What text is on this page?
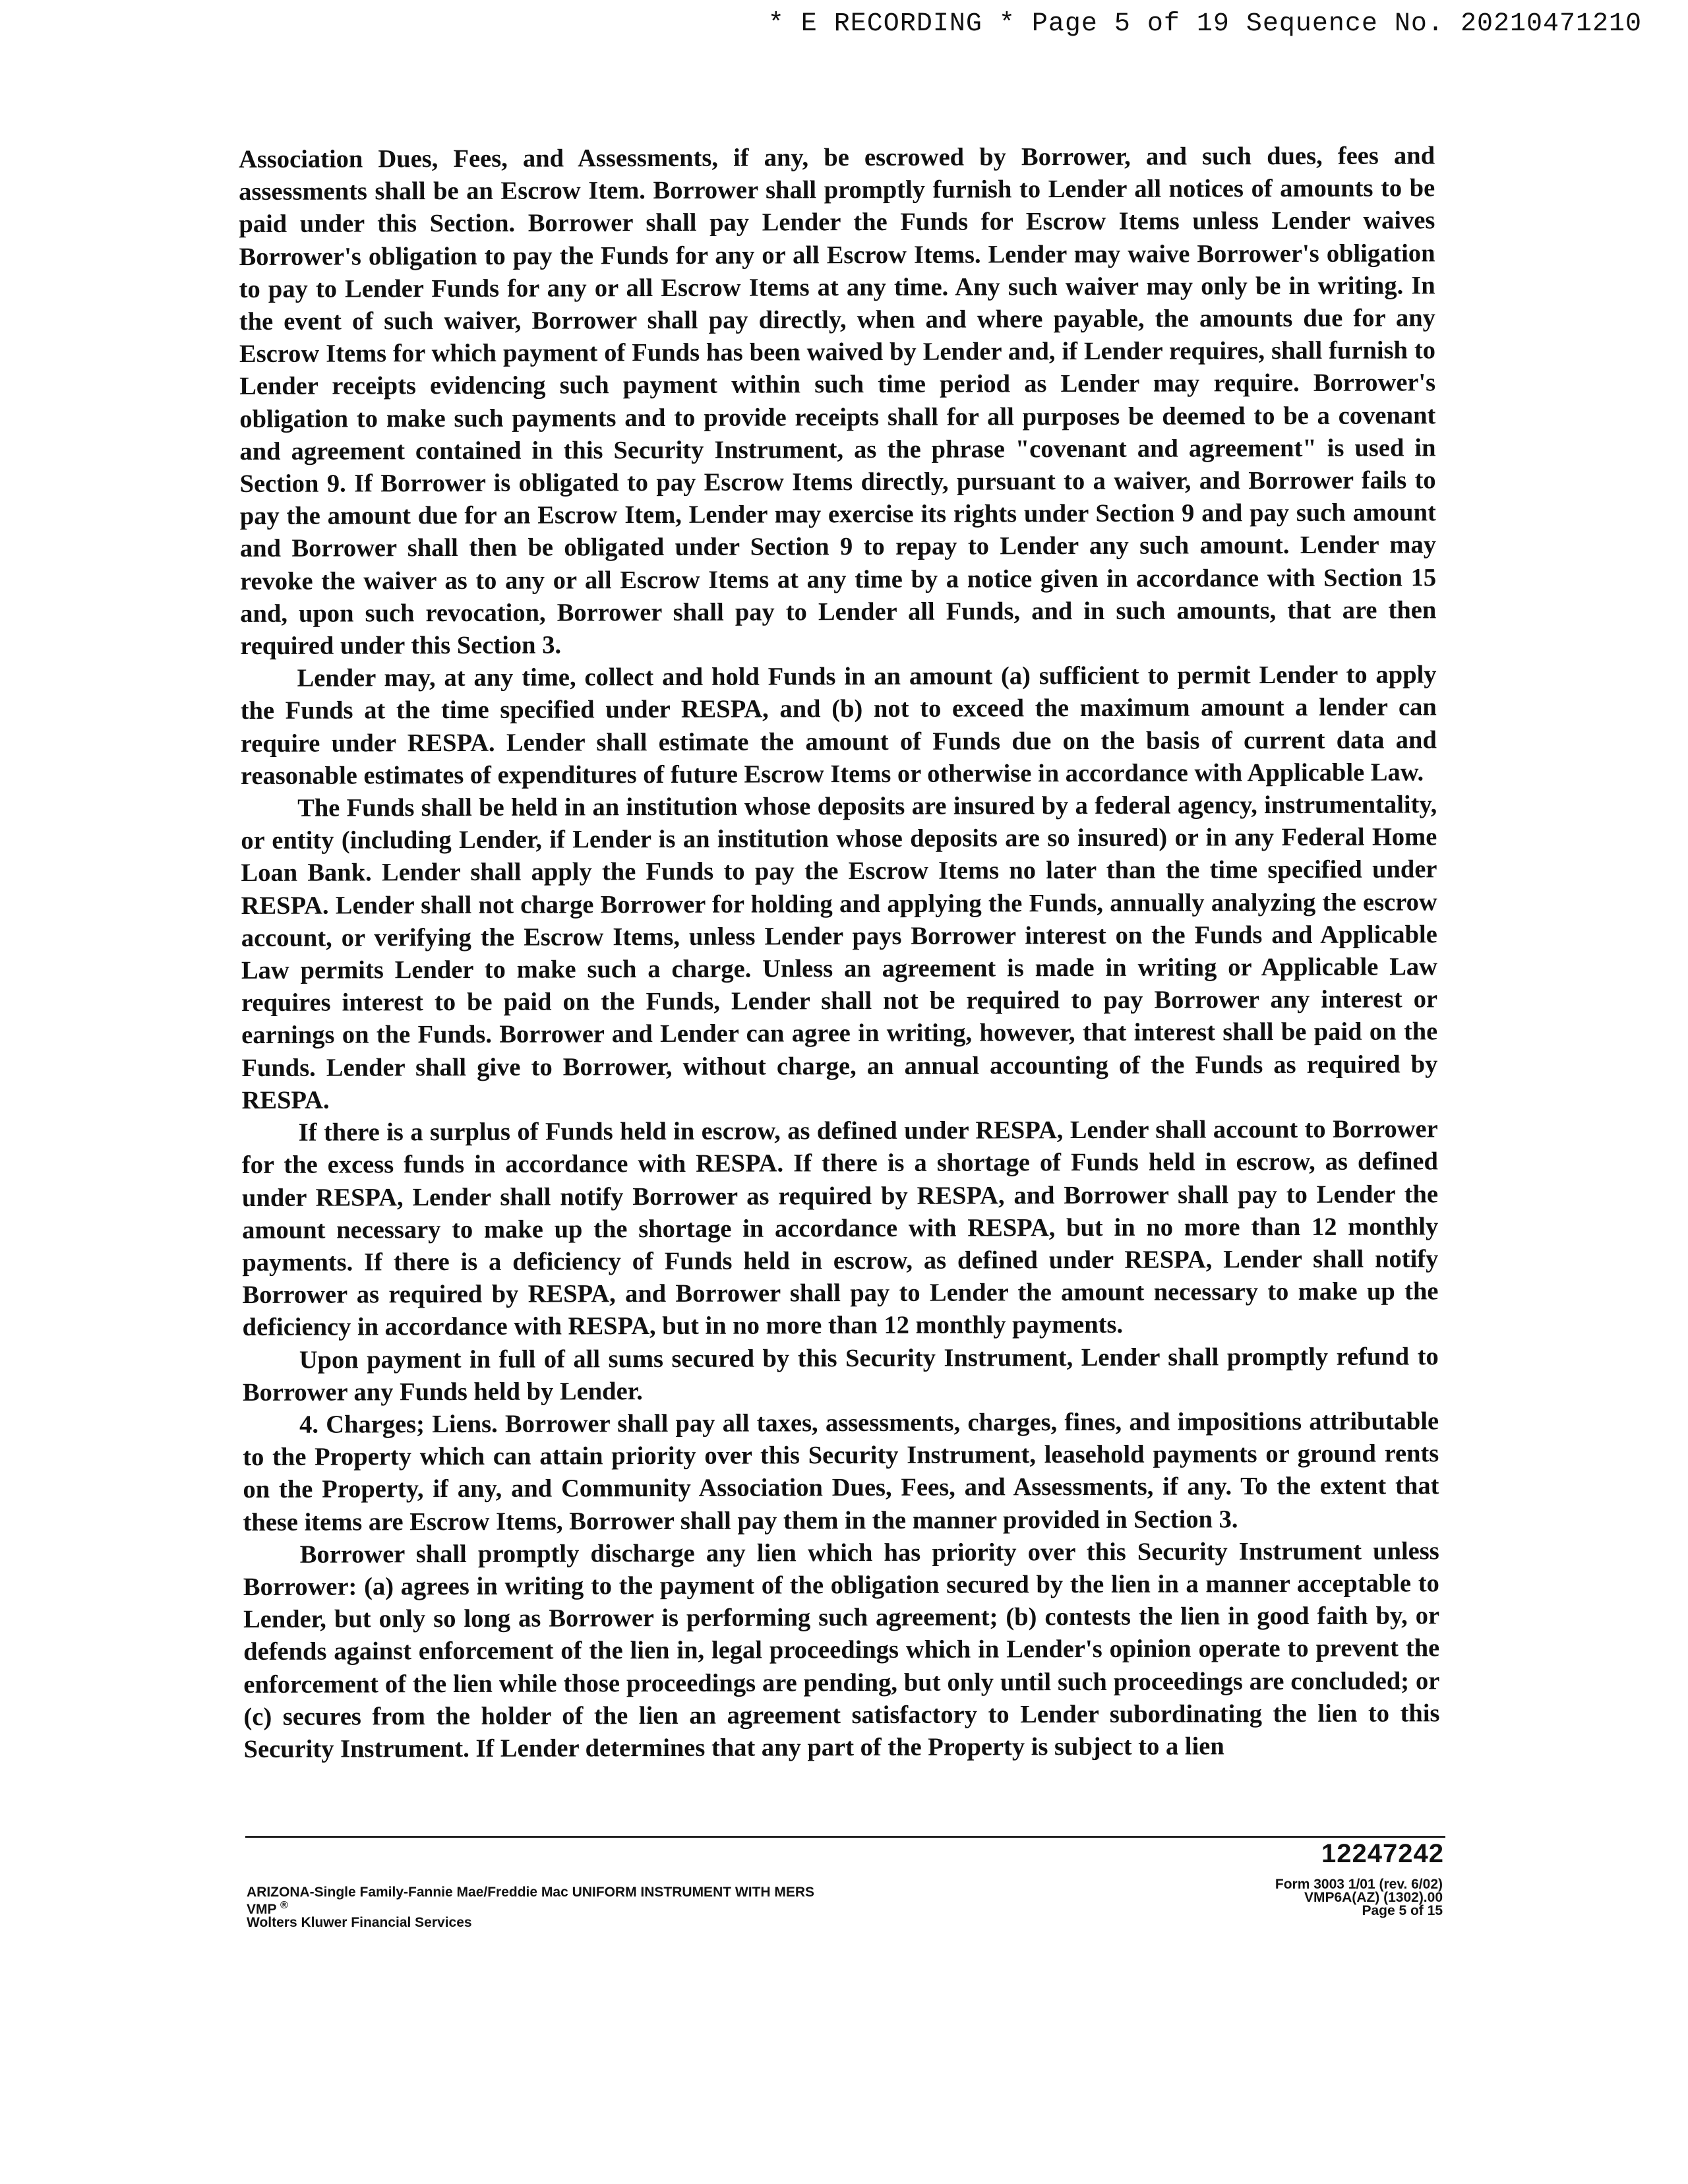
* E RECORDING * Page 5 of 19 Sequence No. 20210471210

Association Dues, Fees, and Assessments, if any, be escrowed by Borrower, and such dues, fees and assessments shall be an Escrow Item. Borrower shall promptly furnish to Lender all notices of amounts to be paid under this Section. Borrower shall pay Lender the Funds for Escrow Items unless Lender waives Borrower's obligation to pay the Funds for any or all Escrow Items. Lender may waive Borrower's obligation to pay to Lender Funds for any or all Escrow Items at any time. Any such waiver may only be in writing. In the event of such waiver, Borrower shall pay directly, when and where payable, the amounts due for any Escrow Items for which payment of Funds has been waived by Lender and, if Lender requires, shall furnish to Lender receipts evidencing such payment within such time period as Lender may require. Borrower's obligation to make such payments and to provide receipts shall for all purposes be deemed to be a covenant and agreement contained in this Security Instrument, as the phrase "covenant and agreement" is used in Section 9. If Borrower is obligated to pay Escrow Items directly, pursuant to a waiver, and Borrower fails to pay the amount due for an Escrow Item, Lender may exercise its rights under Section 9 and pay such amount and Borrower shall then be obligated under Section 9 to repay to Lender any such amount. Lender may revoke the waiver as to any or all Escrow Items at any time by a notice given in accordance with Section 15 and, upon such revocation, Borrower shall pay to Lender all Funds, and in such amounts, that are then required under this Section 3.

Lender may, at any time, collect and hold Funds in an amount (a) sufficient to permit Lender to apply the Funds at the time specified under RESPA, and (b) not to exceed the maximum amount a lender can require under RESPA. Lender shall estimate the amount of Funds due on the basis of current data and reasonable estimates of expenditures of future Escrow Items or otherwise in accordance with Applicable Law.

The Funds shall be held in an institution whose deposits are insured by a federal agency, instrumentality, or entity (including Lender, if Lender is an institution whose deposits are so insured) or in any Federal Home Loan Bank. Lender shall apply the Funds to pay the Escrow Items no later than the time specified under RESPA. Lender shall not charge Borrower for holding and applying the Funds, annually analyzing the escrow account, or verifying the Escrow Items, unless Lender pays Borrower interest on the Funds and Applicable Law permits Lender to make such a charge. Unless an agreement is made in writing or Applicable Law requires interest to be paid on the Funds, Lender shall not be required to pay Borrower any interest or earnings on the Funds. Borrower and Lender can agree in writing, however, that interest shall be paid on the Funds. Lender shall give to Borrower, without charge, an annual accounting of the Funds as required by RESPA.

If there is a surplus of Funds held in escrow, as defined under RESPA, Lender shall account to Borrower for the excess funds in accordance with RESPA. If there is a shortage of Funds held in escrow, as defined under RESPA, Lender shall notify Borrower as required by RESPA, and Borrower shall pay to Lender the amount necessary to make up the shortage in accordance with RESPA, but in no more than 12 monthly payments. If there is a deficiency of Funds held in escrow, as defined under RESPA, Lender shall notify Borrower as required by RESPA, and Borrower shall pay to Lender the amount necessary to make up the deficiency in accordance with RESPA, but in no more than 12 monthly payments.

Upon payment in full of all sums secured by this Security Instrument, Lender shall promptly refund to Borrower any Funds held by Lender.

4. Charges; Liens. Borrower shall pay all taxes, assessments, charges, fines, and impositions attributable to the Property which can attain priority over this Security Instrument, leasehold payments or ground rents on the Property, if any, and Community Association Dues, Fees, and Assessments, if any. To the extent that these items are Escrow Items, Borrower shall pay them in the manner provided in Section 3.

Borrower shall promptly discharge any lien which has priority over this Security Instrument unless Borrower: (a) agrees in writing to the payment of the obligation secured by the lien in a manner acceptable to Lender, but only so long as Borrower is performing such agreement; (b) contests the lien in good faith by, or defends against enforcement of the lien in, legal proceedings which in Lender's opinion operate to prevent the enforcement of the lien while those proceedings are pending, but only until such proceedings are concluded; or (c) secures from the holder of the lien an agreement satisfactory to Lender subordinating the lien to this Security Instrument. If Lender determines that any part of the Property is subject to a lien

12247242
ARIZONA-Single Family-Fannie Mae/Freddie Mac UNIFORM INSTRUMENT WITH MERS
VMP ®
Wolters Kluwer Financial Services
Form 3003 1/01 (rev. 6/02)
VMP6A(AZ) (1302).00
Page 5 of 15
